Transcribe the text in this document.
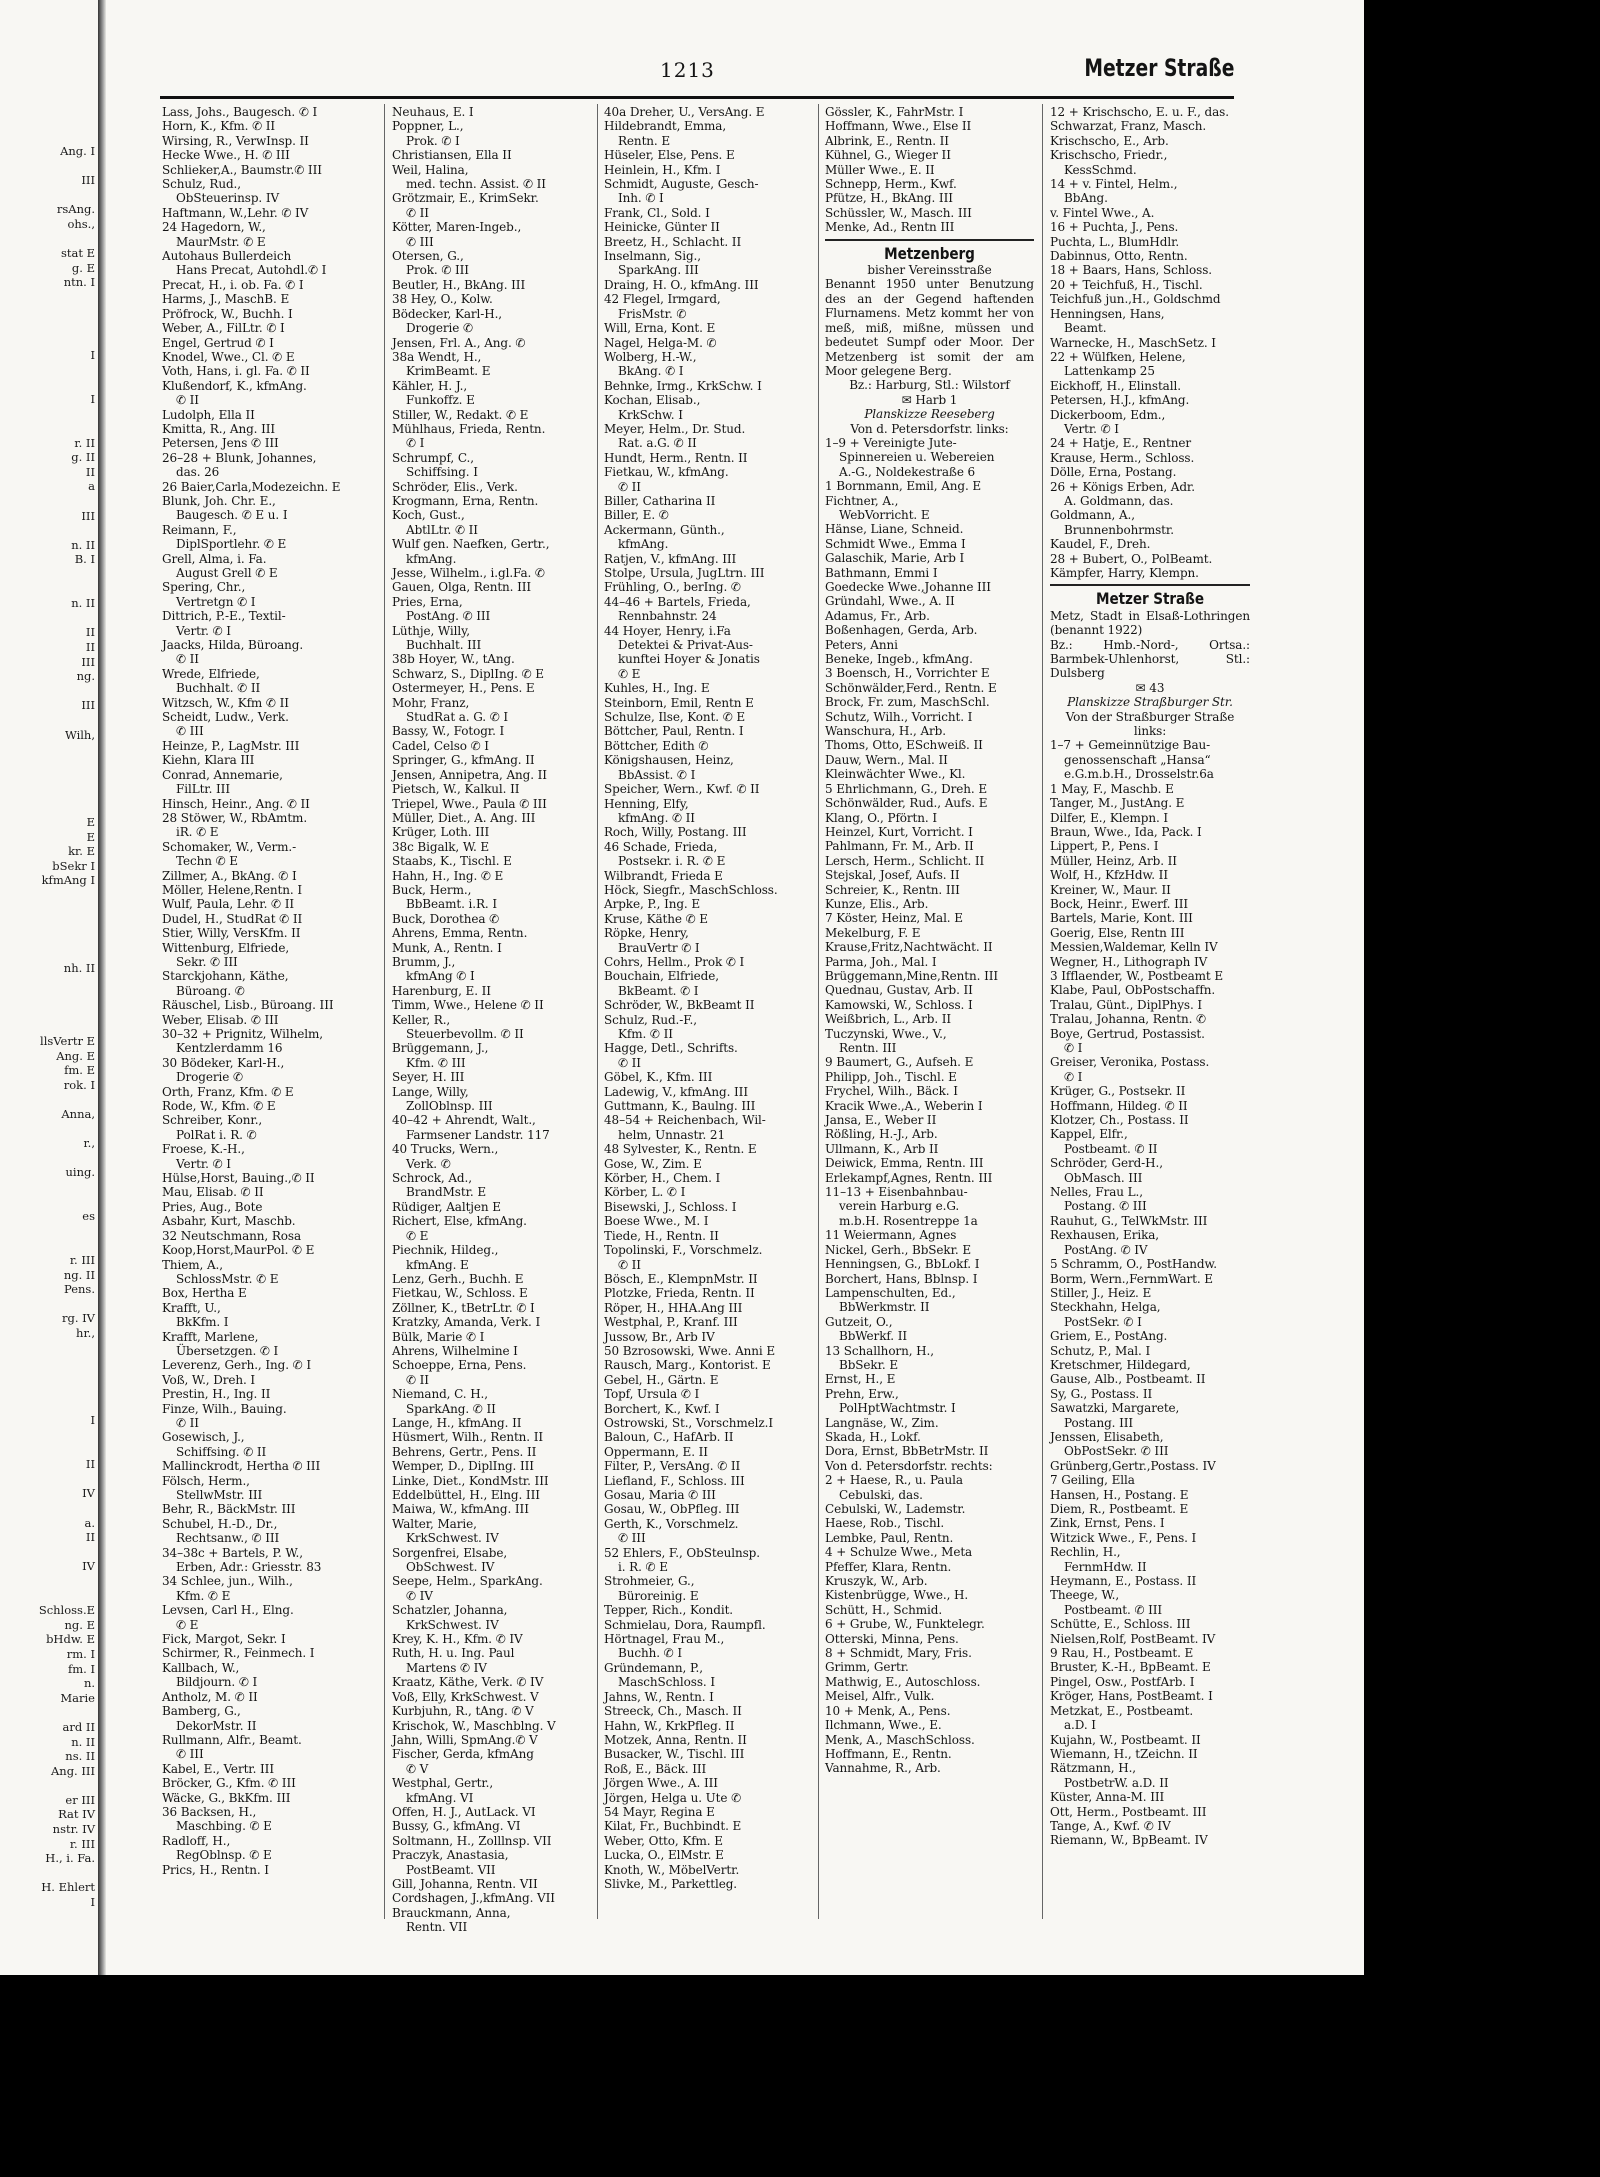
Ang. I
III
rsAng.
ohs.,
stat E
g. E
ntn. I
I
I
r. II
g. II
II
a
III
n. II
B. I
n. II
II
II
III
ng.
III
Wilh,
E
E
kr. E
bSekr I
kfmAng I
nh. II
llsVertr E
Ang. E
fm. E
rok. I
Anna,
r.,
uing.
es
r. III
ng. II
Pens.
rg. IV
hr.,
I
II
IV
a.
II
IV
Schloss.E
ng. E
bHdw. E
rm. I
fm. I
n.
Marie
ard II
n. II
ns. II
Ang. III
er III
Rat IV
nstr. IV
r. III
H., i. Fa.
H. Ehlert
I
1213	Metzer Straße
Lass, Johs., Baugesch. ✆ I
Horn, K., Kfm. ✆ II
Wirsing, R., VerwInsp. II
Hecke Wwe., H. ✆ III
Schlieker,A., Baumstr.✆ III
Schulz, Rud.,
ObSteuerinsp. IV
Haftmann, W.,Lehr. ✆ IV
24 Hagedorn, W.,
MaurMstr. ✆ E
Autohaus Bullerdeich
Hans Precat, Autohdl.✆ I
Precat, H., i. ob. Fa. ✆ I
Harms, J., MaschB. E
Pröfrock, W., Buchh. I
Weber, A., FilLtr. ✆ I
Engel, Gertrud ✆ I
Knodel, Wwe., Cl. ✆ E
Voth, Hans, i. gl. Fa. ✆ II
Klußendorf, K., kfmAng.
✆ II
Ludolph, Ella II
Kmitta, R., Ang. III
Petersen, Jens ✆ III
26–28 + Blunk, Johannes,
das. 26
26 Baier,Carla,Modezeichn. E
Blunk, Joh. Chr. E.,
Baugesch. ✆ E u. I
Reimann, F.,
DiplSportlehr. ✆ E
Grell, Alma, i. Fa.
August Grell ✆ E
Spering, Chr.,
Vertretgn ✆ I
Dittrich, P.-E., Textil-
Vertr. ✆ I
Jaacks, Hilda, Büroang.
✆ II
Wrede, Elfriede,
Buchhalt. ✆ II
Witzsch, W., Kfm ✆ II
Scheidt, Ludw., Verk.
✆ III
Heinze, P., LagMstr. III
Kiehn, Klara III
Conrad, Annemarie,
FilLtr. III
Hinsch, Heinr., Ang. ✆ II
28 Stöwer, W., RbAmtm.
iR. ✆ E
Schomaker, W., Verm.-
Techn ✆ E
Zillmer, A., BkAng. ✆ I
Möller, Helene,Rentn. I
Wulf, Paula, Lehr. ✆ II
Dudel, H., StudRat ✆ II
Stier, Willy, VersKfm. II
Wittenburg, Elfriede,
Sekr. ✆ III
Starckjohann, Käthe,
Büroang. ✆
Räuschel, Lisb., Büroang. III
Weber, Elisab. ✆ III
30–32 + Prignitz, Wilhelm,
Kentzlerdamm 16
30 Bödeker, Karl-H.,
Drogerie ✆
Orth, Franz, Kfm. ✆ E
Rode, W., Kfm. ✆ E
Schreiber, Konr.,
PolRat i. R. ✆
Froese, K.-H.,
Vertr. ✆ I
Hülse,Horst, Bauing.,✆ II
Mau, Elisab. ✆ II
Pries, Aug., Bote
Asbahr, Kurt, Maschb.
32 Neutschmann, Rosa
Koop,Horst,MaurPol. ✆ E
Thiem, A.,
SchlossMstr. ✆ E
Box, Hertha E
Krafft, U.,
BkKfm. I
Krafft, Marlene,
Übersetzgen. ✆ I
Leverenz, Gerh., Ing. ✆ I
Voß, W., Dreh. I
Prestin, H., Ing. II
Finze, Wilh., Bauing.
✆ II
Gosewisch, J.,
Schiffsing. ✆ II
Mallinckrodt, Hertha ✆ III
Fölsch, Herm.,
StellwMstr. III
Behr, R., BäckMstr. III
Schubel, H.-D., Dr.,
Rechtsanw., ✆ III
34–38c + Bartels, P. W.,
Erben, Adr.: Griesstr. 83
34 Schlee, jun., Wilh.,
Kfm. ✆ E
Levsen, Carl H., Elng.
✆ E
Fick, Margot, Sekr. I
Schirmer, R., Feinmech. I
Kallbach, W.,
Bildjourn. ✆ I
Antholz, M. ✆ II
Bamberg, G.,
DekorMstr. II
Rullmann, Alfr., Beamt.
✆ III
Kabel, E., Vertr. III
Bröcker, G., Kfm. ✆ III
Wäcke, G., BkKfm. III
36 Backsen, H.,
Maschbing. ✆ E
Radloff, H.,
RegOblnsp. ✆ E
Prics, H., Rentn. I
Neuhaus, E. I
Poppner, L.,
Prok. ✆ I
Christiansen, Ella II
Weil, Halina,
med. techn. Assist. ✆ II
Grötzmair, E., KrimSekr.
✆ II
Kötter, Maren-Ingeb.,
✆ III
Otersen, G.,
Prok. ✆ III
Beutler, H., BkAng. III
38 Hey, O., Kolw.
Bödecker, Karl-H.,
Drogerie ✆
Jensen, Frl. A., Ang. ✆
38a Wendt, H.,
KrimBeamt. E
Kähler, H. J.,
Funkoffz. E
Stiller, W., Redakt. ✆ E
Mühlhaus, Frieda, Rentn.
✆ I
Schrumpf, C.,
Schiffsing. I
Schröder, Elis., Verk.
Krogmann, Erna, Rentn.
Koch, Gust.,
AbtlLtr. ✆ II
Wulf gen. Naefken, Gertr.,
kfmAng.
Jesse, Wilhelm., i.gl.Fa. ✆
Gauen, Olga, Rentn. III
Pries, Erna,
PostAng. ✆ III
Lüthje, Willy,
Buchhalt. III
38b Hoyer, W., tAng.
Schwarz, S., DiplIng. ✆ E
Ostermeyer, H., Pens. E
Mohr, Franz,
StudRat a. G. ✆ I
Bassy, W., Fotogr. I
Cadel, Celso ✆ I
Springer, G., kfmAng. II
Jensen, Annipetra, Ang. II
Pietsch, W., Kalkul. II
Triepel, Wwe., Paula ✆ III
Müller, Diet., A. Ang. III
Krüger, Loth. III
38c Bigalk, W. E
Staabs, K., Tischl. E
Hahn, H., Ing. ✆ E
Buck, Herm.,
BbBeamt. i.R. I
Buck, Dorothea ✆
Ahrens, Emma, Rentn.
Munk, A., Rentn. I
Brumm, J.,
kfmAng ✆ I
Harenburg, E. II
Timm, Wwe., Helene ✆ II
Keller, R.,
Steuerbevollm. ✆ II
Brüggemann, J.,
Kfm. ✆ III
Seyer, H. III
Lange, Willy,
ZollOblnsp. III
40–42 + Ahrendt, Walt.,
Farmsener Landstr. 117
40 Trucks, Wern.,
Verk. ✆
Schrock, Ad.,
BrandMstr. E
Rüdiger, Aaltjen E
Richert, Else, kfmAng.
✆ E
Piechnik, Hildeg.,
kfmAng. E
Lenz, Gerh., Buchh. E
Fietkau, W., Schloss. E
Zöllner, K., tBetrLtr. ✆ I
Kratzky, Amanda, Verk. I
Bülk, Marie ✆ I
Ahrens, Wilhelmine I
Schoeppe, Erna, Pens.
✆ II
Niemand, C. H.,
SparkAng. ✆ II
Lange, H., kfmAng. II
Hüsmert, Wilh., Rentn. II
Behrens, Gertr., Pens. II
Wemper, D., DiplIng. III
Linke, Diet., KondMstr. III
Eddelbüttel, H., Elng. III
Maiwa, W., kfmAng. III
Walter, Marie,
KrkSchwest. IV
Sorgenfrei, Elsabe,
ObSchwest. IV
Seepe, Helm., SparkAng.
✆ IV
Schatzler, Johanna,
KrkSchwest. IV
Krey, K. H., Kfm. ✆ IV
Ruth, H. u. Ing. Paul
Martens ✆ IV
Kraatz, Käthe, Verk. ✆ IV
Voß, Elly, KrkSchwest. V
Kurbjuhn, R., tAng. ✆ V
Krischok, W., Maschblng. V
Jahn, Willi, SpmAng.✆ V
Fischer, Gerda, kfmAng
✆ V
Westphal, Gertr.,
kfmAng. VI
Offen, H. J., AutLack. VI
Bussy, G., kfmAng. VI
Soltmann, H., Zolllnsp. VII
Praczyk, Anastasia,
PostBeamt. VII
Gill, Johanna, Rentn. VII
Cordshagen, J.,kfmAng. VII
Brauckmann, Anna,
Rentn. VII
40a Dreher, U., VersAng. E
Hildebrandt, Emma,
Rentn. E
Hüseler, Else, Pens. E
Heinlein, H., Kfm. I
Schmidt, Auguste, Gesch-
Inh. ✆ I
Frank, Cl., Sold. I
Heinicke, Günter II
Breetz, H., Schlacht. II
Inselmann, Sig.,
SparkAng. III
Draing, H. O., kfmAng. III
42 Flegel, Irmgard,
FrisMstr. ✆
Will, Erna, Kont. E
Nagel, Helga-M. ✆
Wolberg, H.-W.,
BkAng. ✆ I
Behnke, Irmg., KrkSchw. I
Kochan, Elisab.,
KrkSchw. I
Meyer, Helm., Dr. Stud.
Rat. a.G. ✆ II
Hundt, Herm., Rentn. II
Fietkau, W., kfmAng.
✆ II
Biller, Catharina II
Biller, E. ✆
Ackermann, Günth.,
kfmAng.
Ratjen, V., kfmAng. III
Stolpe, Ursula, JugLtrn. III
Frühling, O., berIng. ✆
44–46 + Bartels, Frieda,
Rennbahnstr. 24
44 Hoyer, Henry, i.Fa
Detektei & Privat-Aus-
kunftei Hoyer & Jonatis
✆ E
Kuhles, H., Ing. E
Steinborn, Emil, Rentn E
Schulze, Ilse, Kont. ✆ E
Böttcher, Paul, Rentn. I
Böttcher, Edith ✆
Königshausen, Heinz,
BbAssist. ✆ I
Speicher, Wern., Kwf. ✆ II
Henning, Elfy,
kfmAng. ✆ II
Roch, Willy, Postang. III
46 Schade, Frieda,
Postsekr. i. R. ✆ E
Wilbrandt, Frieda E
Höck, Siegfr., MaschSchloss.
Arpke, P., Ing. E
Kruse, Käthe ✆ E
Röpke, Henry,
BrauVertr ✆ I
Cohrs, Hellm., Prok ✆ I
Bouchain, Elfriede,
BkBeamt. ✆ I
Schröder, W., BkBeamt II
Schulz, Rud.-F.,
Kfm. ✆ II
Hagge, Detl., Schrifts.
✆ II
Göbel, K., Kfm. III
Ladewig, V., kfmAng. III
Guttmann, K., Baulng. III
48–54 + Reichenbach, Wil-
helm, Unnastr. 21
48 Sylvester, K., Rentn. E
Gose, W., Zim. E
Körber, H., Chem. I
Körber, L. ✆ I
Bisewski, J., Schloss. I
Boese Wwe., M. I
Tiede, H., Rentn. II
Topolinski, F., Vorschmelz.
✆ II
Bösch, E., KlempnMstr. II
Plotzke, Frieda, Rentn. II
Röper, H., HHA.Ang III
Westphal, P., Kranf. III
Jussow, Br., Arb IV
50 Bzrosowski, Wwe. Anni E
Rausch, Marg., Kontorist. E
Gebel, H., Gärtn. E
Topf, Ursula ✆ I
Borchert, K., Kwf. I
Ostrowski, St., Vorschmelz.I
Baloun, C., HafArb. II
Oppermann, E. II
Filter, P., VersAng. ✆ II
Liefland, F., Schloss. III
Gosau, Maria ✆ III
Gosau, W., ObPfleg. III
Gerth, K., Vorschmelz.
✆ III
52 Ehlers, F., ObSteulnsp.
i. R. ✆ E
Strohmeier, G.,
Büroreinig. E
Tepper, Rich., Kondit.
Schmielau, Dora, Raumpfl.
Hörtnagel, Frau M.,
Buchh. ✆ I
Gründemann, P.,
MaschSchloss. I
Jahns, W., Rentn. I
Streeck, Ch., Masch. II
Hahn, W., KrkPfleg. II
Motzek, Anna, Rentn. II
Busacker, W., Tischl. III
Roß, E., Bäck. III
Jörgen Wwe., A. III
Jörgen, Helga u. Ute ✆
54 Mayr, Regina E
Kilat, Fr., Buchbindt. E
Weber, Otto, Kfm. E
Lucka, O., ElMstr. E
Knoth, W., MöbelVertr.
Slivke, M., Parkettleg.
Gössler, K., FahrMstr. I
Hoffmann, Wwe., Else II
Albrink, E., Rentn. II
Kühnel, G., Wieger II
Müller Wwe., E. II
Schnepp, Herm., Kwf.
Pfütze, H., BkAng. III
Schüssler, W., Masch. III
Menke, Ad., Rentn III
Metzenberg
bisher Vereinsstraße
Benannt 1950 unter Benutzung des an der Gegend haftenden Flurnamens. Metz kommt her von meß, miß, mißne, müssen und bedeutet Sumpf oder Moor. Der Metzenberg ist somit der am Moor gelegene Berg.
Bz.: Harburg, Stl.: Wilstorf
✉ Harb 1
Planskizze Reeseberg
Von d. Petersdorfstr. links:
1–9 + Vereinigte Jute-
Spinnereien u. Webereien
A.-G., Noldekestraße 6
1 Bornmann, Emil, Ang. E
Fichtner, A.,
WebVorricht. E
Hänse, Liane, Schneid.
Schmidt Wwe., Emma I
Galaschik, Marie, Arb I
Bathmann, Emmi I
Goedecke Wwe.,Johanne III
Gründahl, Wwe., A. II
Adamus, Fr., Arb.
Boßenhagen, Gerda, Arb.
Peters, Anni
Beneke, Ingeb., kfmAng.
3 Boensch, H., Vorrichter E
Schönwälder,Ferd., Rentn. E
Brock, Fr. zum, MaschSchl.
Schutz, Wilh., Vorricht. I
Wanschura, H., Arb.
Thoms, Otto, ESchweiß. II
Dauw, Wern., Mal. II
Kleinwächter Wwe., Kl.
5 Ehrlichmann, G., Dreh. E
Schönwälder, Rud., Aufs. E
Klang, O., Pförtn. I
Heinzel, Kurt, Vorricht. I
Pahlmann, Fr. M., Arb. II
Lersch, Herm., Schlicht. II
Stejskal, Josef, Aufs. II
Schreier, K., Rentn. III
Kunze, Elis., Arb.
7 Köster, Heinz, Mal. E
Mekelburg, F. E
Krause,Fritz,Nachtwächt. II
Parma, Joh., Mal. I
Brüggemann,Mine,Rentn. III
Quednau, Gustav, Arb. II
Kamowski, W., Schloss. I
Weißbrich, L., Arb. II
Tuczynski, Wwe., V.,
Rentn. III
9 Baumert, G., Aufseh. E
Philipp, Joh., Tischl. E
Frychel, Wilh., Bäck. I
Kracik Wwe.,A., Weberin I
Jansa, E., Weber II
Rößling, H.-J., Arb.
Ullmann, K., Arb II
Deiwick, Emma, Rentn. III
Erlekampf,Agnes, Rentn. III
11–13 + Eisenbahnbau-
verein Harburg e.G.
m.b.H. Rosentreppe 1a
11 Weiermann, Agnes
Nickel, Gerh., BbSekr. E
Henningsen, G., BbLokf. I
Borchert, Hans, Bblnsp. I
Lampenschulten, Ed.,
BbWerkmstr. II
Gutzeit, O.,
BbWerkf. II
13 Schallhorn, H.,
BbSekr. E
Ernst, H., E
Prehn, Erw.,
PolHptWachtmstr. I
Langnäse, W., Zim.
Skada, H., Lokf.
Dora, Ernst, BbBetrMstr. II
Von d. Petersdorfstr. rechts:
2 + Haese, R., u. Paula
Cebulski, das.
Cebulski, W., Lademstr.
Haese, Rob., Tischl.
Lembke, Paul, Rentn.
4 + Schulze Wwe., Meta
Pfeffer, Klara, Rentn.
Kruszyk, W., Arb.
Kistenbrügge, Wwe., H.
Schütt, H., Schmid.
6 + Grube, W., Funktelegr.
Otterski, Minna, Pens.
8 + Schmidt, Mary, Fris.
Grimm, Gertr.
Mathwig, E., Autoschloss.
Meisel, Alfr., Vulk.
10 + Menk, A., Pens.
Ilchmann, Wwe., E.
Menk, A., MaschSchloss.
Hoffmann, E., Rentn.
Vannahme, R., Arb.
12 + Krischscho, E. u. F., das.
Schwarzat, Franz, Masch.
Krischscho, E., Arb.
Krischscho, Friedr.,
KessSchmd.
14 + v. Fintel, Helm.,
BbAng.
v. Fintel Wwe., A.
16 + Puchta, J., Pens.
Puchta, L., BlumHdlr.
Dabinnus, Otto, Rentn.
18 + Baars, Hans, Schloss.
20 + Teichfuß, H., Tischl.
Teichfuß jun.,H., Goldschmd
Henningsen, Hans,
Beamt.
Warnecke, H., MaschSetz. I
22 + Wülfken, Helene,
Lattenkamp 25
Eickhoff, H., Elinstall.
Petersen, H.J., kfmAng.
Dickerboom, Edm.,
Vertr. ✆ I
24 + Hatje, E., Rentner
Krause, Herm., Schloss.
Dölle, Erna, Postang.
26 + Königs Erben, Adr.
A. Goldmann, das.
Goldmann, A.,
Brunnenbohrmstr.
Kaudel, F., Dreh.
28 + Bubert, O., PolBeamt.
Kämpfer, Harry, Klempn.
Metzer Straße
Metz, Stadt in Elsaß-Lothringen (benannt 1922)
Bz.: Hmb.-Nord-, Ortsa.: Barmbek-Uhlenhorst, Stl.: Dulsberg
✉ 43
Planskizze Straßburger Str.
Von der Straßburger Straße links:
1–7 + Gemeinnützige Bau-
genossenschaft „Hansa“
e.G.m.b.H., Drosselstr.6a
1 May, F., Maschb. E
Tanger, M., JustAng. E
Dilfer, E., Klempn. I
Braun, Wwe., Ida, Pack. I
Lippert, P., Pens. I
Müller, Heinz, Arb. II
Wolf, H., KfzHdw. II
Kreiner, W., Maur. II
Bock, Heinr., Ewerf. III
Bartels, Marie, Kont. III
Goerig, Else, Rentn III
Messien,Waldemar, Kelln IV
Wegner, H., Lithograph IV
3 Ifflaender, W., Postbeamt E
Klabe, Paul, ObPostschaffn.
Tralau, Günt., DiplPhys. I
Tralau, Johanna, Rentn. ✆
Boye, Gertrud, Postassist.
✆ I
Greiser, Veronika, Postass.
✆ I
Krüger, G., Postsekr. II
Hoffmann, Hildeg. ✆ II
Klotzer, Ch., Postass. II
Kappel, Elfr.,
Postbeamt. ✆ II
Schröder, Gerd-H.,
ObMasch. III
Nelles, Frau L.,
Postang. ✆ III
Rauhut, G., TelWkMstr. III
Rexhausen, Erika,
PostAng. ✆ IV
5 Schramm, O., PostHandw.
Borm, Wern.,FernmWart. E
Stiller, J., Heiz. E
Steckhahn, Helga,
PostSekr. ✆ I
Griem, E., PostAng.
Schutz, P., Mal. I
Kretschmer, Hildegard,
Gause, Alb., Postbeamt. II
Sy, G., Postass. II
Sawatzki, Margarete,
Postang. III
Jenssen, Elisabeth,
ObPostSekr. ✆ III
Grünberg,Gertr.,Postass. IV
7 Geiling, Ella
Hansen, H., Postang. E
Diem, R., Postbeamt. E
Zink, Ernst, Pens. I
Witzick Wwe., F., Pens. I
Rechlin, H.,
FernmHdw. II
Heymann, E., Postass. II
Theege, W.,
Postbeamt. ✆ III
Schütte, E., Schloss. III
Nielsen,Rolf, PostBeamt. IV
9 Rau, H., Postbeamt. E
Bruster, K.-H., BpBeamt. E
Pingel, Osw., PostfArb. I
Kröger, Hans, PostBeamt. I
Metzkat, E., Postbeamt.
a.D. I
Kujahn, W., Postbeamt. II
Wiemann, H., tZeichn. II
Rätzmann, H.,
PostbetrW. a.D. II
Küster, Anna-M. III
Ott, Herm., Postbeamt. III
Tange, A., Kwf. ✆ IV
Riemann, W., BpBeamt. IV
